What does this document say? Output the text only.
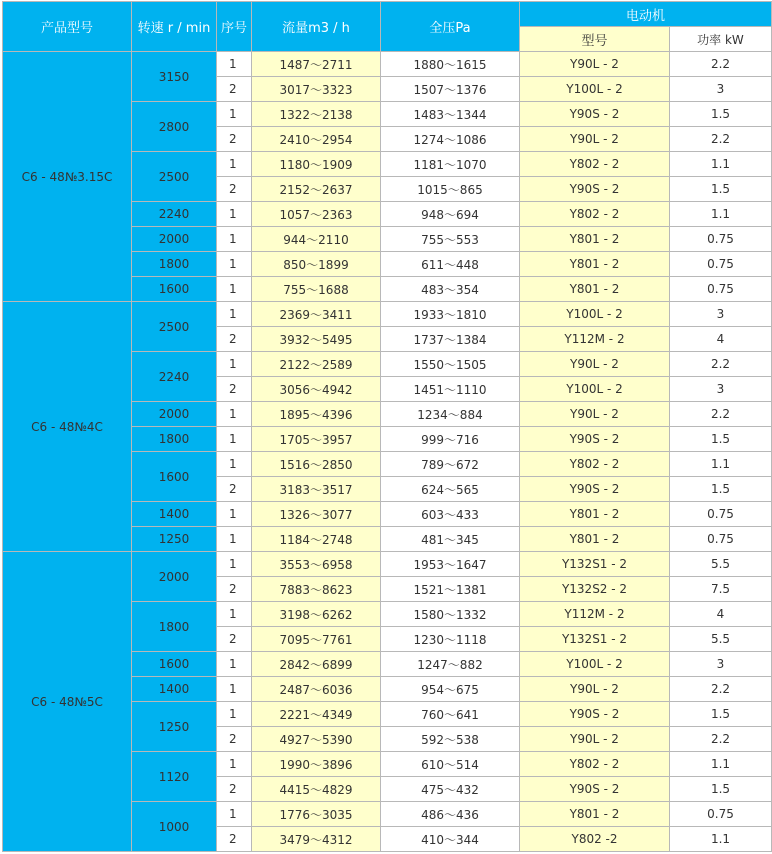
产品型号	转速 r / min	序号	流量m3 / h	全压Pa	电动机	
					型号	功率 kW
C6 - 48№3.15C	3150	1	1487～2711	1880～1615	Y90L - 2	2.2
		2	3017～3323	1507～1376	Y100L - 2	3
	2800	1	1322～2138	1483～1344	Y90S - 2	1.5
		2	2410～2954	1274～1086	Y90L - 2	2.2
	2500	1	1180～1909	1181～1070	Y802 - 2	1.1
		2	2152～2637	1015～865	Y90S - 2	1.5
	2240	1	1057～2363	948～694	Y802 - 2	1.1
	2000	1	944～2110	755～553	Y801 - 2	0.75
	1800	1	850～1899	611～448	Y801 - 2	0.75
	1600	1	755～1688	483～354	Y801 - 2	0.75
C6 - 48№4C	2500	1	2369～3411	1933～1810	Y100L - 2	3
		2	3932～5495	1737～1384	Y112M - 2	4
	2240	1	2122～2589	1550～1505	Y90L - 2	2.2
		2	3056～4942	1451～1110	Y100L - 2	3
	2000	1	1895～4396	1234～884	Y90L - 2	2.2
	1800	1	1705～3957	999～716	Y90S - 2	1.5
	1600	1	1516～2850	789～672	Y802 - 2	1.1
		2	3183～3517	624～565	Y90S - 2	1.5
	1400	1	1326～3077	603～433	Y801 - 2	0.75
	1250	1	1184～2748	481～345	Y801 - 2	0.75
C6 - 48№5C	2000	1	3553～6958	1953～1647	Y132S1 - 2	5.5
		2	7883～8623	1521～1381	Y132S2 - 2	7.5
	1800	1	3198～6262	1580～1332	Y112M - 2	4
		2	7095～7761	1230～1118	Y132S1 - 2	5.5
	1600	1	2842～6899	1247～882	Y100L - 2	3
	1400	1	2487～6036	954～675	Y90L - 2	2.2
	1250	1	2221～4349	760～641	Y90S - 2	1.5
		2	4927～5390	592～538	Y90L - 2	2.2
	1120	1	1990～3896	610～514	Y802 - 2	1.1
		2	4415～4829	475～432	Y90S - 2	1.5
	1000	1	1776～3035	486～436	Y801 - 2	0.75
		2	3479～4312	410～344	Y802 -2	1.1
